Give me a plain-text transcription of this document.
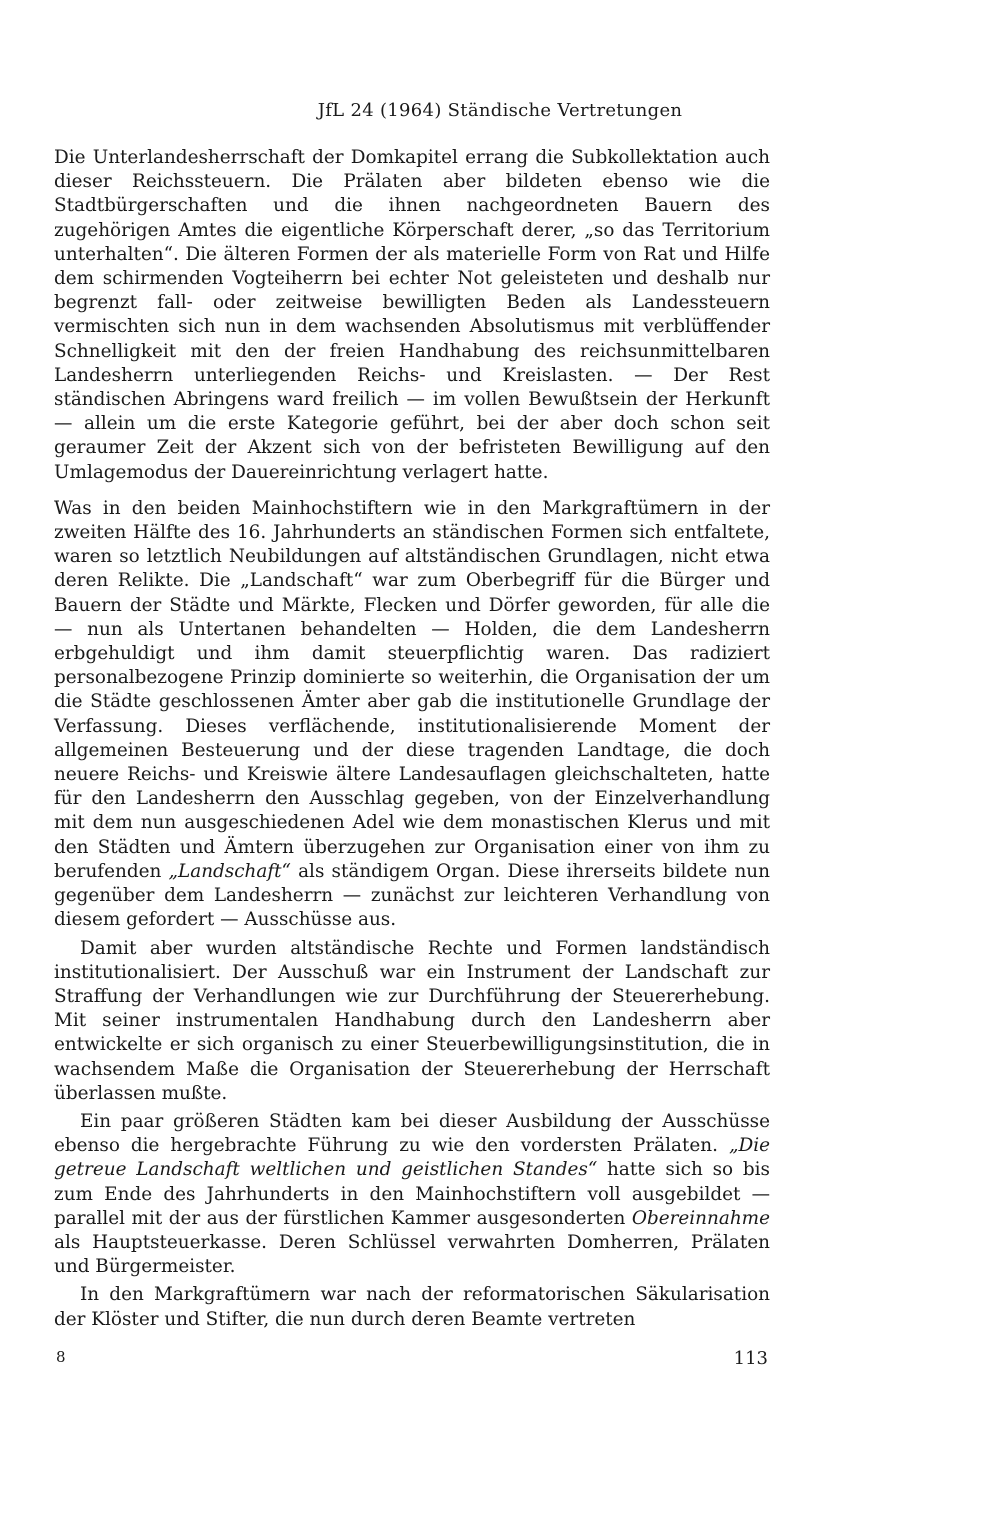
JfL 24 (1964) Ständische Vertretungen

Die Unterlandesherrschaft der Domkapitel errang die Subkollektation auch dieser Reichssteuern. Die Prälaten aber bildeten ebenso wie die Stadtbürgerschaften und die ihnen nachgeordneten Bauern des zugehörigen Amtes die eigentliche Körperschaft derer, „so das Territorium unterhalten“. Die älteren Formen der als materielle Form von Rat und Hilfe dem schirmenden Vogteiherrn bei echter Not geleisteten und deshalb nur begrenzt fall- oder zeitweise bewilligten Beden als Landessteuern vermischten sich nun in dem wachsenden Absolutismus mit verblüffender Schnelligkeit mit den der freien Handhabung des reichsunmittelbaren Landesherrn unterliegenden Reichs- und Kreislasten. — Der Rest ständischen Abringens ward freilich — im vollen Bewußtsein der Herkunft — allein um die erste Kategorie geführt, bei der aber doch schon seit geraumer Zeit der Akzent sich von der befristeten Bewilligung auf den Umlagemodus der Dauereinrichtung verlagert hatte.

Was in den beiden Mainhochstiftern wie in den Markgraftümern in der zweiten Hälfte des 16. Jahrhunderts an ständischen Formen sich entfaltete, waren so letztlich Neubildungen auf altständischen Grundlagen, nicht etwa deren Relikte. Die „Landschaft“ war zum Oberbegriff für die Bürger und Bauern der Städte und Märkte, Flecken und Dörfer geworden, für alle die — nun als Untertanen behandelten — Holden, die dem Landesherrn erbgehuldigt und ihm damit steuerpflichtig waren. Das radiziert personalbezogene Prinzip dominierte so weiterhin, die Organisation der um die Städte geschlossenen Ämter aber gab die institutionelle Grundlage der Verfassung. Dieses verflächende, institutionalisierende Moment der allgemeinen Besteuerung und der diese tragenden Landtage, die doch neuere Reichs- und Kreiswie ältere Landesauflagen gleichschalteten, hatte für den Landesherrn den Ausschlag gegeben, von der Einzelverhandlung mit dem nun ausgeschiedenen Adel wie dem monastischen Klerus und mit den Städten und Ämtern überzugehen zur Organisation einer von ihm zu berufenden „Landschaft“ als ständigem Organ. Diese ihrerseits bildete nun gegenüber dem Landesherrn — zunächst zur leichteren Verhandlung von diesem gefordert — Ausschüsse aus.

Damit aber wurden altständische Rechte und Formen landständisch institutionalisiert. Der Ausschuß war ein Instrument der Landschaft zur Straffung der Verhandlungen wie zur Durchführung der Steuererhebung. Mit seiner instrumentalen Handhabung durch den Landesherrn aber entwickelte er sich organisch zu einer Steuerbewilligungsinstitution, die in wachsendem Maße die Organisation der Steuererhebung der Herrschaft überlassen mußte.

Ein paar größeren Städten kam bei dieser Ausbildung der Ausschüsse ebenso die hergebrachte Führung zu wie den vordersten Prälaten. „Die getreue Landschaft weltlichen und geistlichen Standes“ hatte sich so bis zum Ende des Jahrhunderts in den Mainhochstiftern voll ausgebildet — parallel mit der aus der fürstlichen Kammer ausgesonderten Obereinnahme als Hauptsteuerkasse. Deren Schlüssel verwahrten Domherren, Prälaten und Bürgermeister.

In den Markgraftümern war nach der reformatorischen Säkularisation der Klöster und Stifter, die nun durch deren Beamte vertreten

8	113
